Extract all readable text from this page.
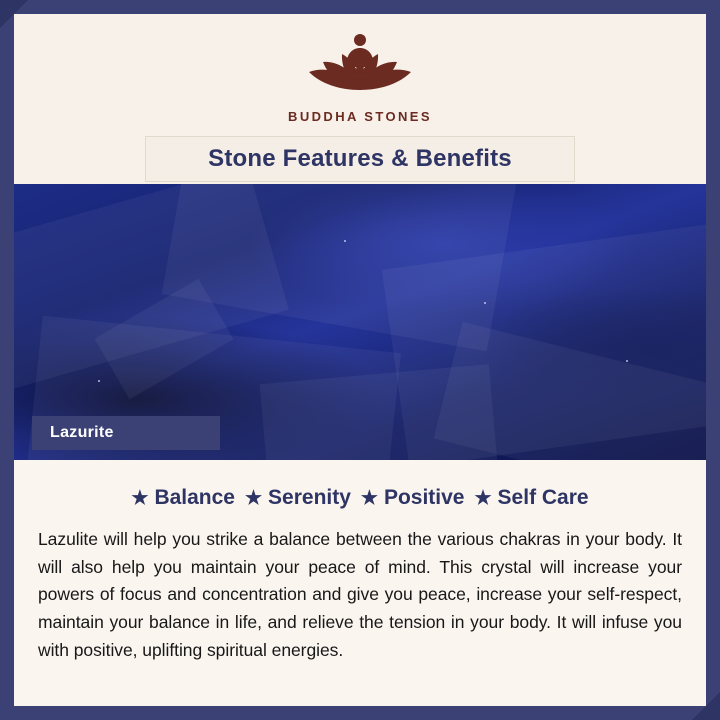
BUDDHA STONES
Stone Features & Benefits
Lazurite
★ Balance ★ Serenity ★ Positive ★ Self Care

Lazulite will help you strike a balance between the various chakras in your body. It will also help you maintain your peace of mind. This crystal will increase your powers of focus and concentration and give you peace, increase your self-respect, maintain your balance in life, and relieve the tension in your body. It will infuse you with positive, uplifting spiritual energies.
